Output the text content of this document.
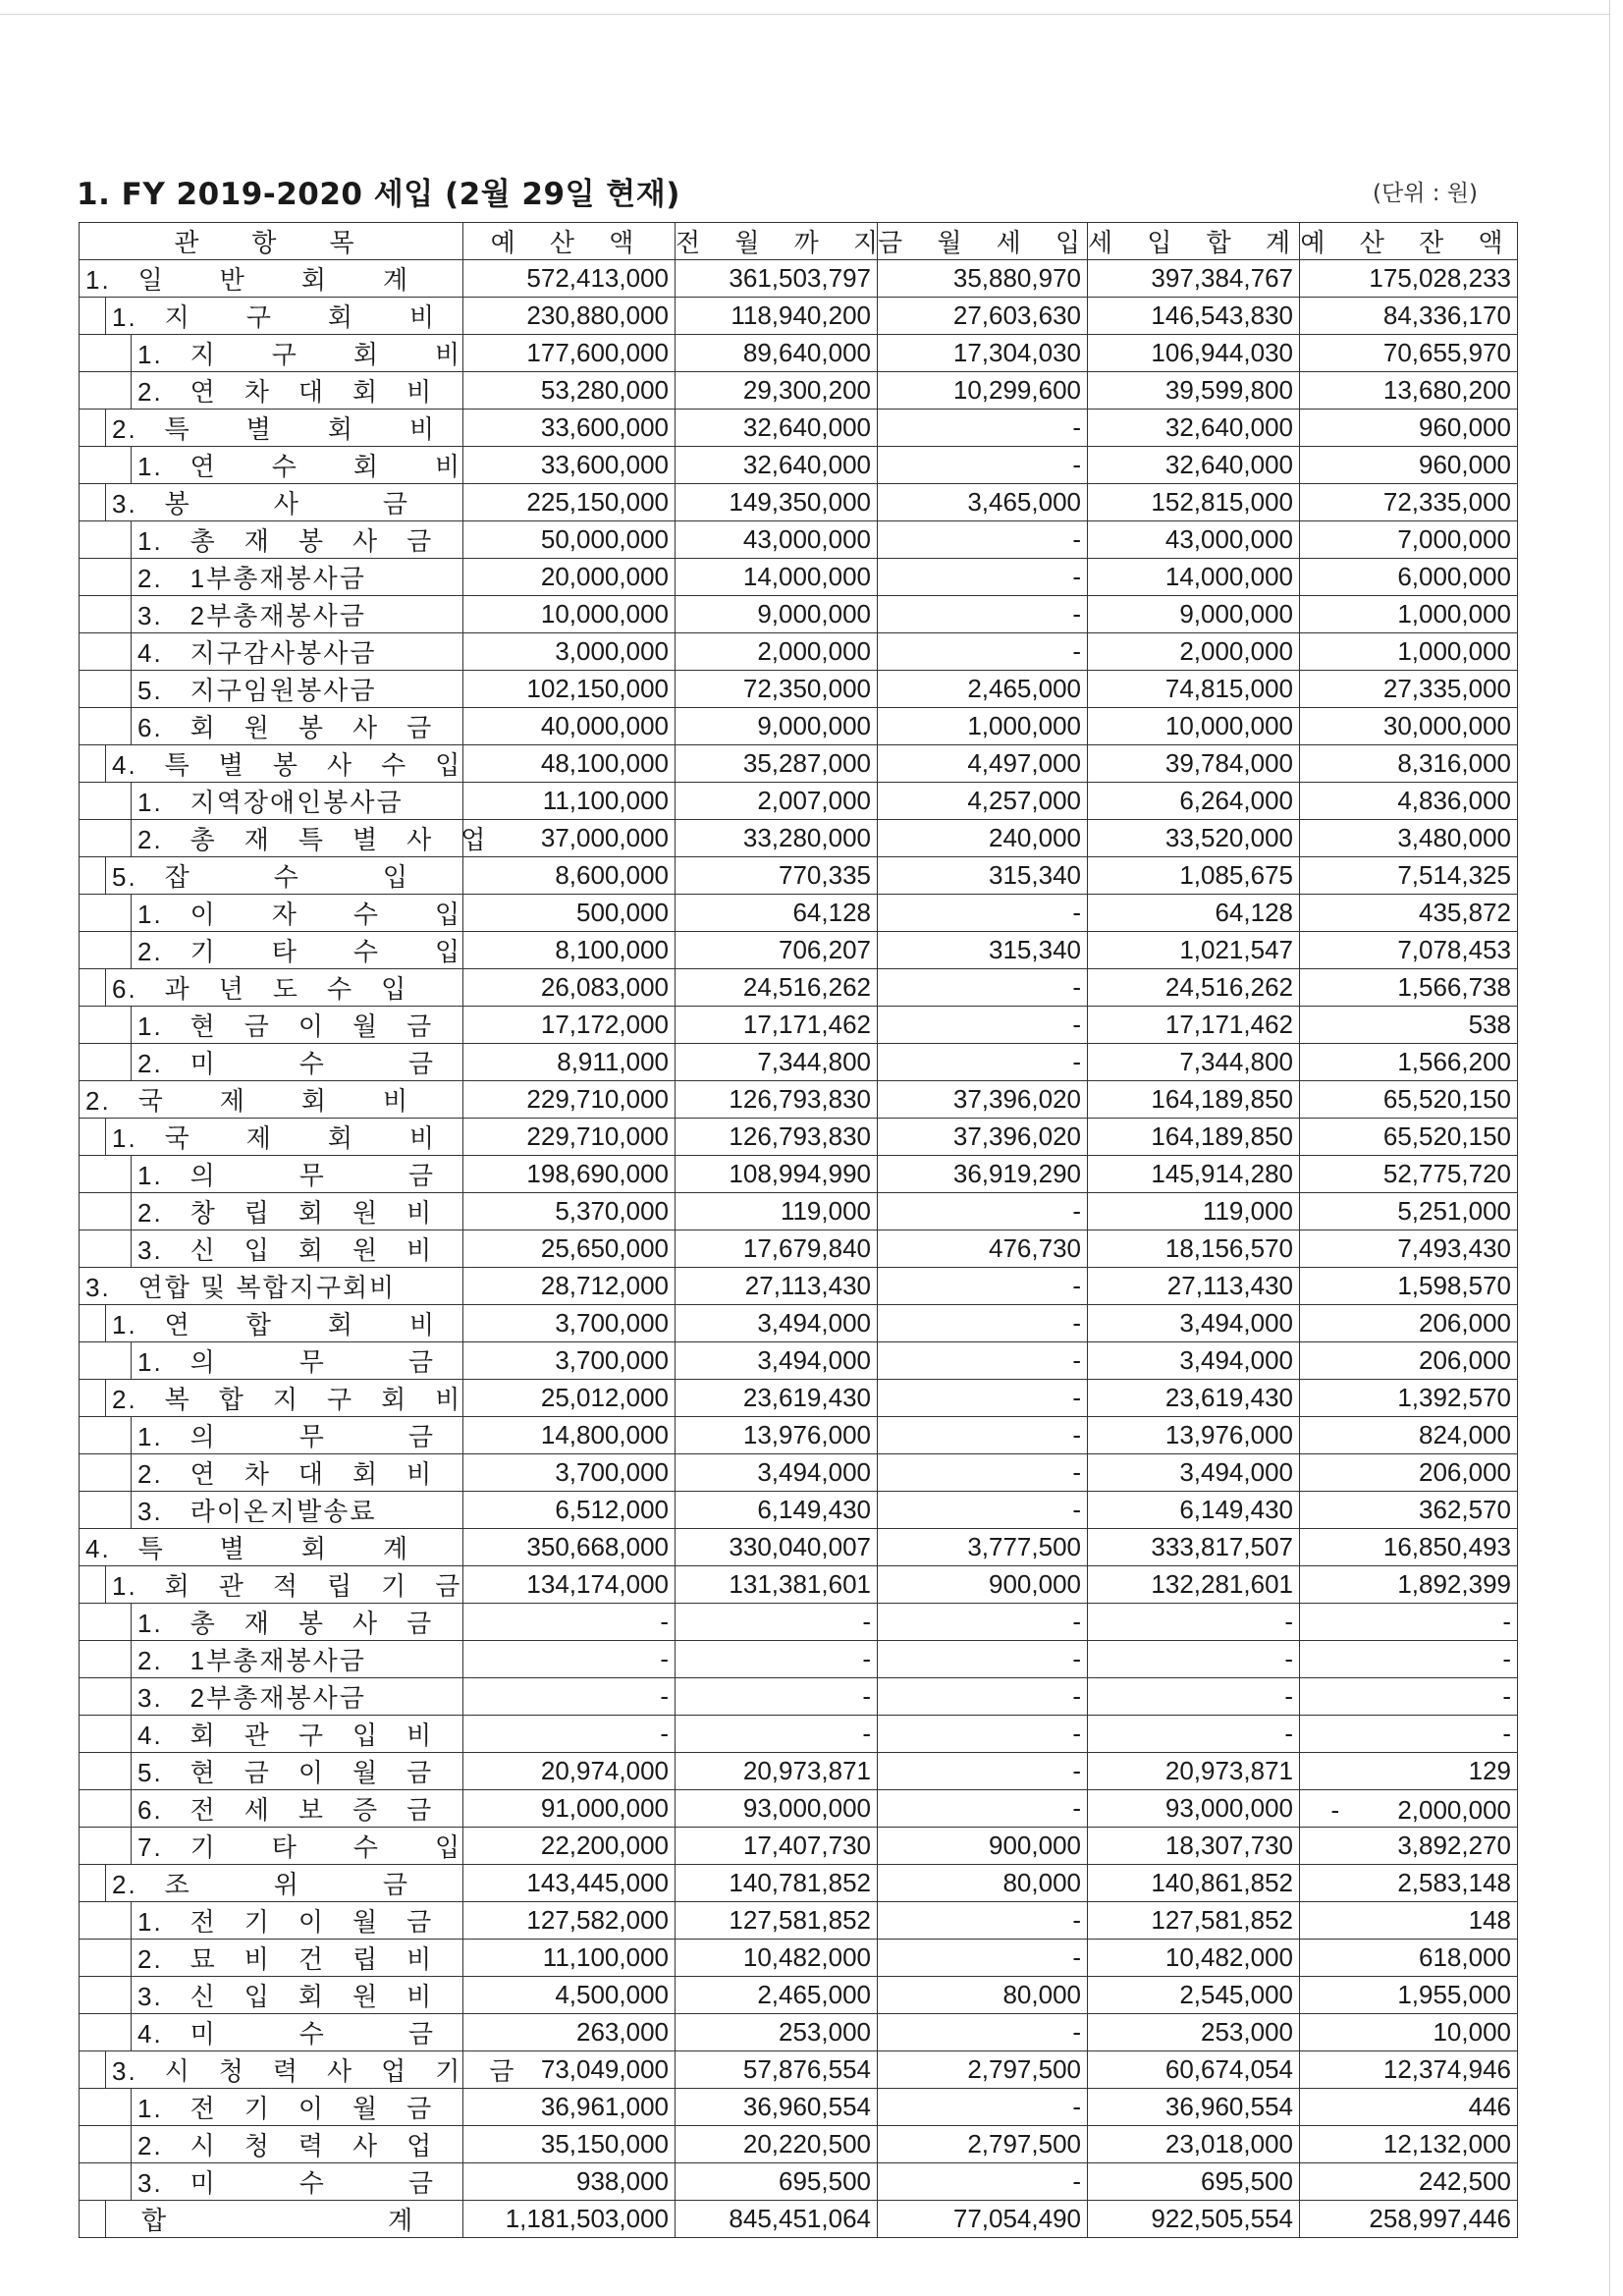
1. FY 2019-2020 세입 (2월 29일 현재)	(단위 : 원)
관　항　목	예 산 액	전 월 까 지	금 월 세 입	세 입 합 계	예 산 잔 액

1.　일　　반　　회　　계	572,413,000	361,503,797	35,880,970	397,384,767	175,028,233

1.　지　　구　　회　　비	230,880,000	118,940,200	27,603,630	146,543,830	84,336,170

1.　지　　구　　회　　비	177,600,000	89,640,000	17,304,030	106,944,030	70,655,970

2.　연　차　대　회　비	53,280,000	29,300,200	10,299,600	39,599,800	13,680,200

2.　특　　별　　회　　비	33,600,000	32,640,000	-	32,640,000	960,000

1.　연　　수　　회　　비	33,600,000	32,640,000	-	32,640,000	960,000

3.　봉　　　사　　　금	225,150,000	149,350,000	3,465,000	152,815,000	72,335,000

1.　총　재　봉　사　금	50,000,000	43,000,000	-	43,000,000	7,000,000

2.　1부총재봉사금	20,000,000	14,000,000	-	14,000,000	6,000,000

3.　2부총재봉사금	10,000,000	9,000,000	-	9,000,000	1,000,000

4.　지구감사봉사금	3,000,000	2,000,000	-	2,000,000	1,000,000

5.　지구임원봉사금	102,150,000	72,350,000	2,465,000	74,815,000	27,335,000

6.　회　원　봉　사　금	40,000,000	9,000,000	1,000,000	10,000,000	30,000,000

4.　특　별　봉　사　수　입	48,100,000	35,287,000	4,497,000	39,784,000	8,316,000

1.　지역장애인봉사금	11,100,000	2,007,000	4,257,000	6,264,000	4,836,000

2.　총　재　특　별　사　업	37,000,000	33,280,000	240,000	33,520,000	3,480,000

5.　잡　　　수　　　입	8,600,000	770,335	315,340	1,085,675	7,514,325

1.　이　　자　　수　　입	500,000	64,128	-	64,128	435,872

2.　기　　타　　수　　입	8,100,000	706,207	315,340	1,021,547	7,078,453

6.　과　년　도　수　입	26,083,000	24,516,262	-	24,516,262	1,566,738

1.　현　금　이　월　금	17,172,000	17,171,462	-	17,171,462	538

2.　미　　　수　　　금	8,911,000	7,344,800	-	7,344,800	1,566,200

2.　국　　제　　회　　비	229,710,000	126,793,830	37,396,020	164,189,850	65,520,150

1.　국　　제　　회　　비	229,710,000	126,793,830	37,396,020	164,189,850	65,520,150

1.　의　　　무　　　금	198,690,000	108,994,990	36,919,290	145,914,280	52,775,720

2.　창　립　회　원　비	5,370,000	119,000	-	119,000	5,251,000

3.　신　입　회　원　비	25,650,000	17,679,840	476,730	18,156,570	7,493,430

3.　연합 및 복합지구회비	28,712,000	27,113,430	-	27,113,430	1,598,570

1.　연　　합　　회　　비	3,700,000	3,494,000	-	3,494,000	206,000

1.　의　　　무　　　금	3,700,000	3,494,000	-	3,494,000	206,000

2.　복　합　지　구　회　비	25,012,000	23,619,430	-	23,619,430	1,392,570

1.　의　　　무　　　금	14,800,000	13,976,000	-	13,976,000	824,000

2.　연　차　대　회　비	3,700,000	3,494,000	-	3,494,000	206,000

3.　라이온지발송료	6,512,000	6,149,430	-	6,149,430	362,570

4.　특　　별　　회　　계	350,668,000	330,040,007	3,777,500	333,817,507	16,850,493

1.　회　관　적　립　기　금	134,174,000	131,381,601	900,000	132,281,601	1,892,399

1.　총　재　봉　사　금	-	-	-	-	-

2.　1부총재봉사금	-	-	-	-	-

3.　2부총재봉사금	-	-	-	-	-

4.　회　관　구　입　비	-	-	-	-	-

5.　현　금　이　월　금	20,974,000	20,973,871	-	20,973,871	129

6.　전　세　보　증　금	91,000,000	93,000,000	-	93,000,000	- 　　2,000,000

7.　기　　타　　수　　입	22,200,000	17,407,730	900,000	18,307,730	3,892,270

2.　조　　　위　　　금	143,445,000	140,781,852	80,000	140,861,852	2,583,148

1.　전　기　이　월　금	127,582,000	127,581,852	-	127,581,852	148

2.　묘　비　건　립　비	11,100,000	10,482,000	-	10,482,000	618,000

3.　신　입　회　원　비	4,500,000	2,465,000	80,000	2,545,000	1,955,000

4.　미　　　수　　　금	263,000	253,000	-	253,000	10,000

3.　시　청　력　사　업　기　금	73,049,000	57,876,554	2,797,500	60,674,054	12,374,946

1.　전　기　이　월　금	36,961,000	36,960,554	-	36,960,554	446

2.　시　청　력　사　업	35,150,000	20,220,500	2,797,500	23,018,000	12,132,000

3.　미　　　수　　　금	938,000	695,500	-	695,500	242,500

합　　　　　　　　계	1,181,503,000	845,451,064	77,054,490	922,505,554	258,997,446
